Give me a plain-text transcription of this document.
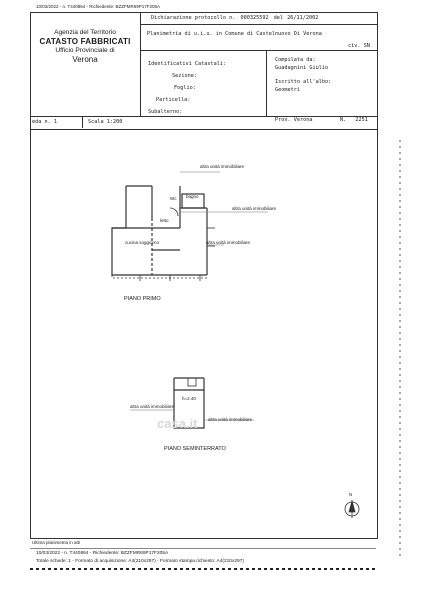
10/03/2022 - n. T440864 - Richiedente: BZZFMR69P17F205A
Agenzia del Territorio
CATASTO FABBRICATI
Ufficio Provinciale di
Verona
Dichiarazione protocollo n. 000325592 del 26/11/2002
Planimetria di u.i.u. in Comune di Castelnuovo Di Verona
civ. SN
Identificativi Catastali:
Sezione:
Foglio:
Particella:
Subalterno:
Compilata da:
Guadagnini Giulio
Iscritto all'albo:
Geometri
Prov. Verona	N. 2251
eda n. 1	Scala 1:200
altra unità immobiliare
altra unità immobiliare
altra unità immobiliare
Wc bagno
letto
cucina soggiorno
PIANO PRIMO
altra unità immobiliare
altra unità immobiliare
h=2.40
casa.it
PIANO SEMINTERRATO
N
Ultima planimetria in atti
10/03/2022 - n. T440864 - Richiedente: BZZFMR69P17F205A
Totale schede: 1 - Formato di acquisizione: A4(210x297) - Formato stampa richiesto: A4(210x297)
